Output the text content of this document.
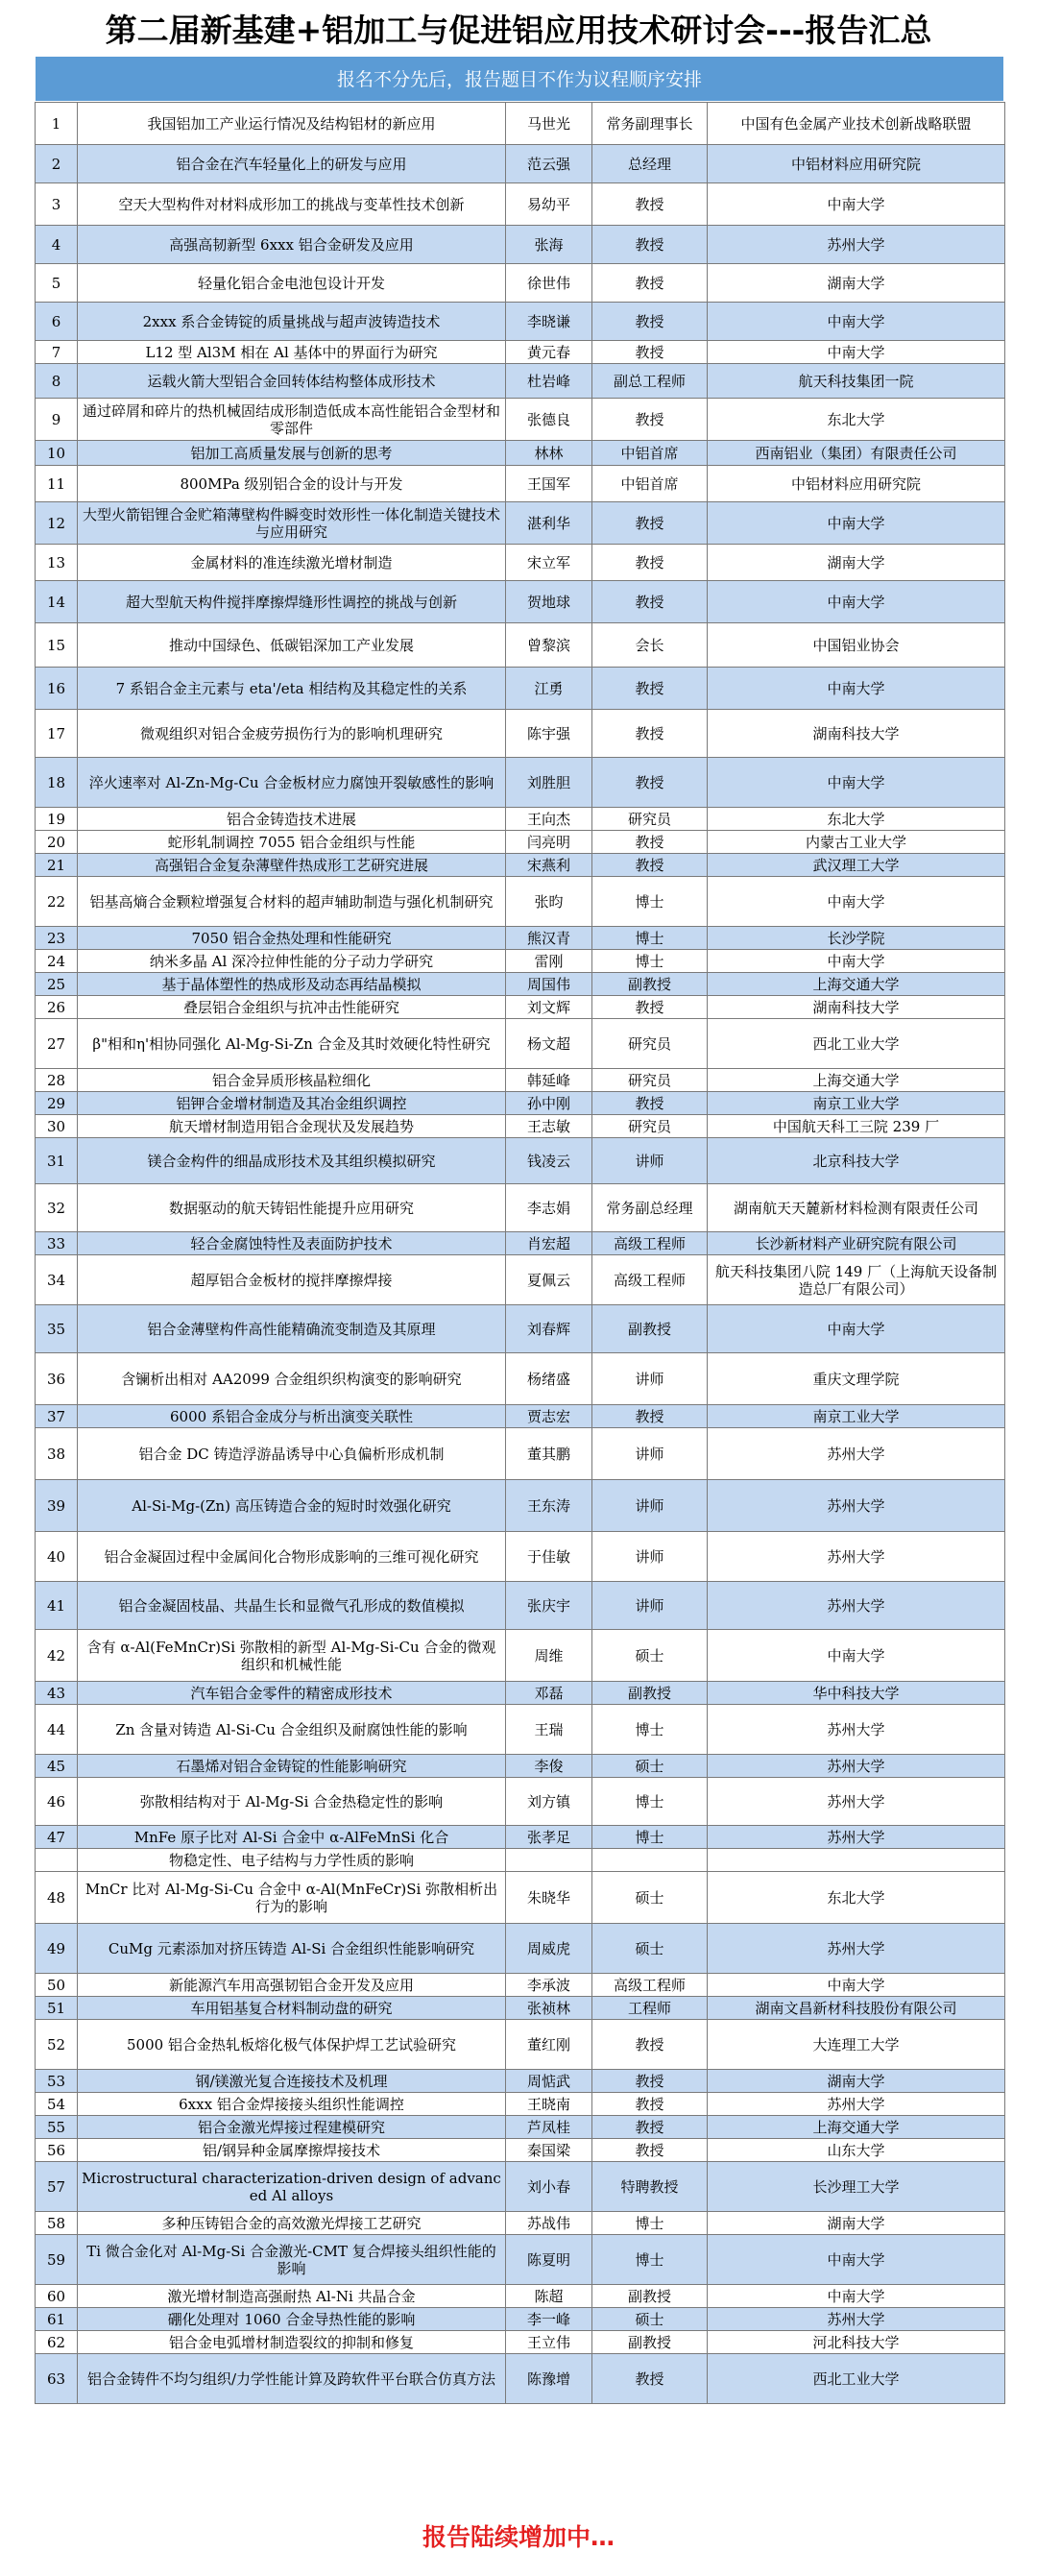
第二届新基建+铝加工与促进铝应用技术研讨会---报告汇总
报名不分先后，报告题目不作为议程顺序安排
1	我国铝加工产业运行情况及结构铝材的新应用	马世光	常务副理事长	中国有色金属产业技术创新战略联盟
2	铝合金在汽车轻量化上的研发与应用	范云强	总经理	中铝材料应用研究院
3	空天大型构件对材料成形加工的挑战与变革性技术创新	易幼平	教授	中南大学
4	高强高韧新型 6xxx 铝合金研发及应用	张海	教授	苏州大学
5	轻量化铝合金电池包设计开发	徐世伟	教授	湖南大学
6	2xxx 系合金铸锭的质量挑战与超声波铸造技术	李晓谦	教授	中南大学
7	L12 型 Al3M 相在 Al 基体中的界面行为研究	黄元春	教授	中南大学
8	运载火箭大型铝合金回转体结构整体成形技术	杜岩峰	副总工程师	航天科技集团一院
9	通过碎屑和碎片的热机械固结成形制造低成本高性能铝合金型材和零部件	张德良	教授	东北大学
10	铝加工高质量发展与创新的思考	林林	中铝首席	西南铝业（集团）有限责任公司
11	800MPa 级别铝合金的设计与开发	王国军	中铝首席	中铝材料应用研究院
12	大型火箭铝锂合金贮箱薄壁构件瞬变时效形性一体化制造关键技术与应用研究	湛利华	教授	中南大学
13	金属材料的准连续激光增材制造	宋立军	教授	湖南大学
14	超大型航天构件搅拌摩擦焊缝形性调控的挑战与创新	贺地球	教授	中南大学
15	推动中国绿色、低碳铝深加工产业发展	曾黎滨	会长	中国铝业协会
16	7 系铝合金主元素与 eta'/eta 相结构及其稳定性的关系	江勇	教授	中南大学
17	微观组织对铝合金疲劳损伤行为的影响机理研究	陈宇强	教授	湖南科技大学
18	淬火速率对 Al-Zn-Mg-Cu 合金板材应力腐蚀开裂敏感性的影响	刘胜胆	教授	中南大学
19	铝合金铸造技术进展	王向杰	研究员	东北大学
20	蛇形轧制调控 7055 铝合金组织与性能	闫亮明	教授	内蒙古工业大学
21	高强铝合金复杂薄壁件热成形工艺研究进展	宋燕利	教授	武汉理工大学
22	铝基高熵合金颗粒增强复合材料的超声辅助制造与强化机制研究	张昀	博士	中南大学
23	7050 铝合金热处理和性能研究	熊汉青	博士	长沙学院
24	纳米多晶 Al 深冷拉伸性能的分子动力学研究	雷刚	博士	中南大学
25	基于晶体塑性的热成形及动态再结晶模拟	周国伟	副教授	上海交通大学
26	叠层铝合金组织与抗冲击性能研究	刘文辉	教授	湖南科技大学
27	β"相和η'相协同强化 Al-Mg-Si-Zn 合金及其时效硬化特性研究	杨文超	研究员	西北工业大学
28	铝合金异质形核晶粒细化	韩延峰	研究员	上海交通大学
29	铝钾合金增材制造及其冶金组织调控	孙中刚	教授	南京工业大学
30	航天增材制造用铝合金现状及发展趋势	王志敏	研究员	中国航天科工三院 239 厂
31	镁合金构件的细晶成形技术及其组织模拟研究	钱凌云	讲师	北京科技大学
32	数据驱动的航天铸铝性能提升应用研究	李志娟	常务副总经理	湖南航天天麓新材料检测有限责任公司
33	轻合金腐蚀特性及表面防护技术	肖宏超	高级工程师	长沙新材料产业研究院有限公司
34	超厚铝合金板材的搅拌摩擦焊接	夏佩云	高级工程师	航天科技集团八院 149 厂（上海航天设备制造总厂有限公司）
35	铝合金薄壁构件高性能精确流变制造及其原理	刘春辉	副教授	中南大学
36	含镧析出相对 AA2099 合金组织织构演变的影响研究	杨绪盛	讲师	重庆文理学院
37	6000 系铝合金成分与析出演变关联性	贾志宏	教授	南京工业大学
38	铝合金 DC 铸造浮游晶诱导中心負偏析形成机制	董其鹏	讲师	苏州大学
39	Al-Si-Mg-(Zn) 高压铸造合金的短时时效强化研究	王东涛	讲师	苏州大学
40	铝合金凝固过程中金属间化合物形成影响的三维可视化研究	于佳敏	讲师	苏州大学
41	铝合金凝固枝晶、共晶生长和显微气孔形成的数值模拟	张庆宇	讲师	苏州大学
42	含有 α-Al(FeMnCr)Si 弥散相的新型 Al-Mg-Si-Cu 合金的微观组织和机械性能	周维	硕士	中南大学
43	汽车铝合金零件的精密成形技术	邓磊	副教授	华中科技大学
44	Zn 含量对铸造 Al-Si-Cu 合金组织及耐腐蚀性能的影响	王瑞	博士	苏州大学
45	石墨烯对铝合金铸锭的性能影响研究	李俊	硕士	苏州大学
46	弥散相结构对于 Al-Mg-Si 合金热稳定性的影响	刘方镇	博士	苏州大学
47	MnFe 原子比对 Al-Si 合金中 α-AlFeMnSi 化合	张孝足	博士	苏州大学
	物稳定性、电子结构与力学性质的影响			
48	MnCr 比对 Al-Mg-Si-Cu 合金中 α-Al(MnFeCr)Si 弥散相析出行为的影响	朱晓华	硕士	东北大学
49	CuMg 元素添加对挤压铸造 Al-Si 合金组织性能影响研究	周威虎	硕士	苏州大学
50	新能源汽车用高强韧铝合金开发及应用	李承波	高级工程师	中南大学
51	车用铝基复合材料制动盘的研究	张祯林	工程师	湖南文昌新材科技股份有限公司
52	5000 铝合金热轧板熔化极气体保护焊工艺试验研究	董红刚	教授	大连理工大学
53	钢/镁激光复合连接技术及机理	周惦武	教授	湖南大学
54	6xxx 铝合金焊接接头组织性能调控	王晓南	教授	苏州大学
55	铝合金激光焊接过程建模研究	芦凤桂	教授	上海交通大学
56	铝/钢异种金属摩擦焊接技术	秦国梁	教授	山东大学
57	Microstructural characterization-driven design of advanced Al alloys	刘小春	特聘教授	长沙理工大学
58	多种压铸铝合金的高效激光焊接工艺研究	苏战伟	博士	湖南大学
59	Ti 微合金化对 Al-Mg-Si 合金激光-CMT 复合焊接头组织性能的影响	陈夏明	博士	中南大学
60	激光增材制造高强耐热 Al-Ni 共晶合金	陈超	副教授	中南大学
61	硼化处理对 1060 合金导热性能的影响	李一峰	硕士	苏州大学
62	铝合金电弧增材制造裂纹的抑制和修复	王立伟	副教授	河北科技大学
63	铝合金铸件不均匀组织/力学性能计算及跨软件平台联合仿真方法	陈豫增	教授	西北工业大学
报告陆续增加中…
